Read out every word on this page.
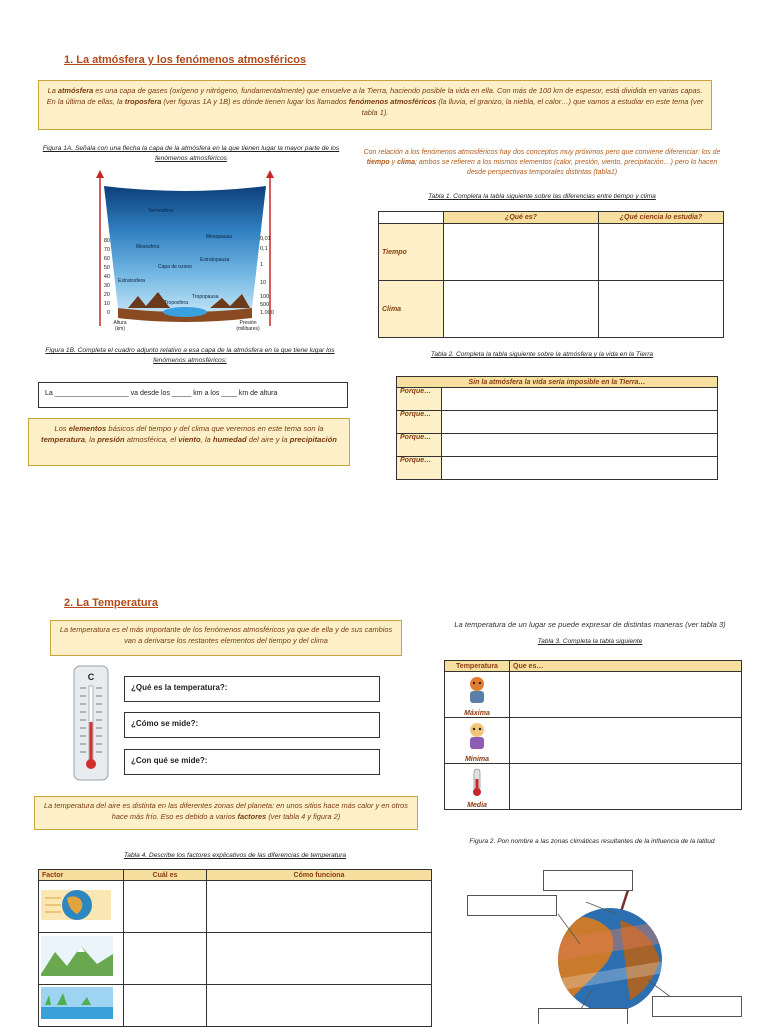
1. La atmósfera y los fenómenos atmosféricos
La atmósfera es una capa de gases (oxígeno y nitrógeno, fundamentalmente) que envuelve a la Tierra, haciendo posible la vida en ella. Con más de 100 km de espesor, está dividida en varias capas. En la última de ellas, la troposfera (ver figuras 1A y 1B) es dónde tienen lugar los llamados fenómenos atmosféricos (la lluvia, el granizo, la niebla, el calor…) que vamos a estudiar en este tema (ver tabla 1).
Figura 1A. Señala con una flecha la capa de la atmósfera en la que tienen lugar la mayor parte de los fenómenos atmosféricos
Termosfera
Mesopausa
Mesosfera
Estratopausa
Capa de ozono
Estratosfera
Tropopausa
Troposfera
80
70
60
50
40
30
20
10
0
0,01
0,1
1
10
100
500
1.000
Altura
(km)
Presión
(milibares)
Figura 1B. Completa el cuadro adjunto relativo a esa capa de la atmósfera en la que tiene lugar los fenómenos atmosféricos:
La ___________________ va desde los _____ km a los ____ km de altura
Los elementos básicos del tiempo y del clima que veremos en este tema son la temperatura, la presión atmosférica, el viento, la humedad del aire y la precipitación
Con relación a los fenómenos atmosféricos hay dos conceptos muy próximos pero que conviene diferenciar: los de tiempo y clima; ambos se refieren a los mismos elementos (calor, presión, viento, precipitación…) pero lo hacen desde perspectivas temporales distintas (tabla1)
Tabla 1. Completa la tabla siguiente sobre las diferencias entre tiempo y clima
	¿Qué es?	¿Qué ciencia lo estudia?
Tiempo		
Clima		
Tabla 2. Completa la tabla siguiente sobre la atmósfera y la vida en la Tierra
Sin la atmósfera la vida sería imposible en la Tierra…	
Porque…	
Porque…	
Porque…	
Porque…	
2. La Temperatura
La temperatura es el más importante de los fenómenos atmosféricos ya que de ella y de sus cambios van a derivarse los restantes elementos del tiempo y del clima
C
¿Qué es la temperatura?:
¿Cómo se mide?:
¿Con qué se mide?:
La temperatura del aire es distinta en las diferentes zonas del planeta: en unos sitios hace más calor y en otros hace más frío. Eso es debido a varios factores (ver tabla 4 y figura 2)
La temperatura de un lugar se puede expresar de distintas maneras (ver tabla 3)
Tabla 3. Completa la tabla siguiente
Temperatura	Que es…

Máxima	

Mínima	

Media	

Tabla 4. Describe los factores explicativos de las diferencias de temperatura
Factor	Cuál es	Cómo funciona

Figura 2. Pon nombre a las zonas climáticas resultantes de la influencia de la latitud
